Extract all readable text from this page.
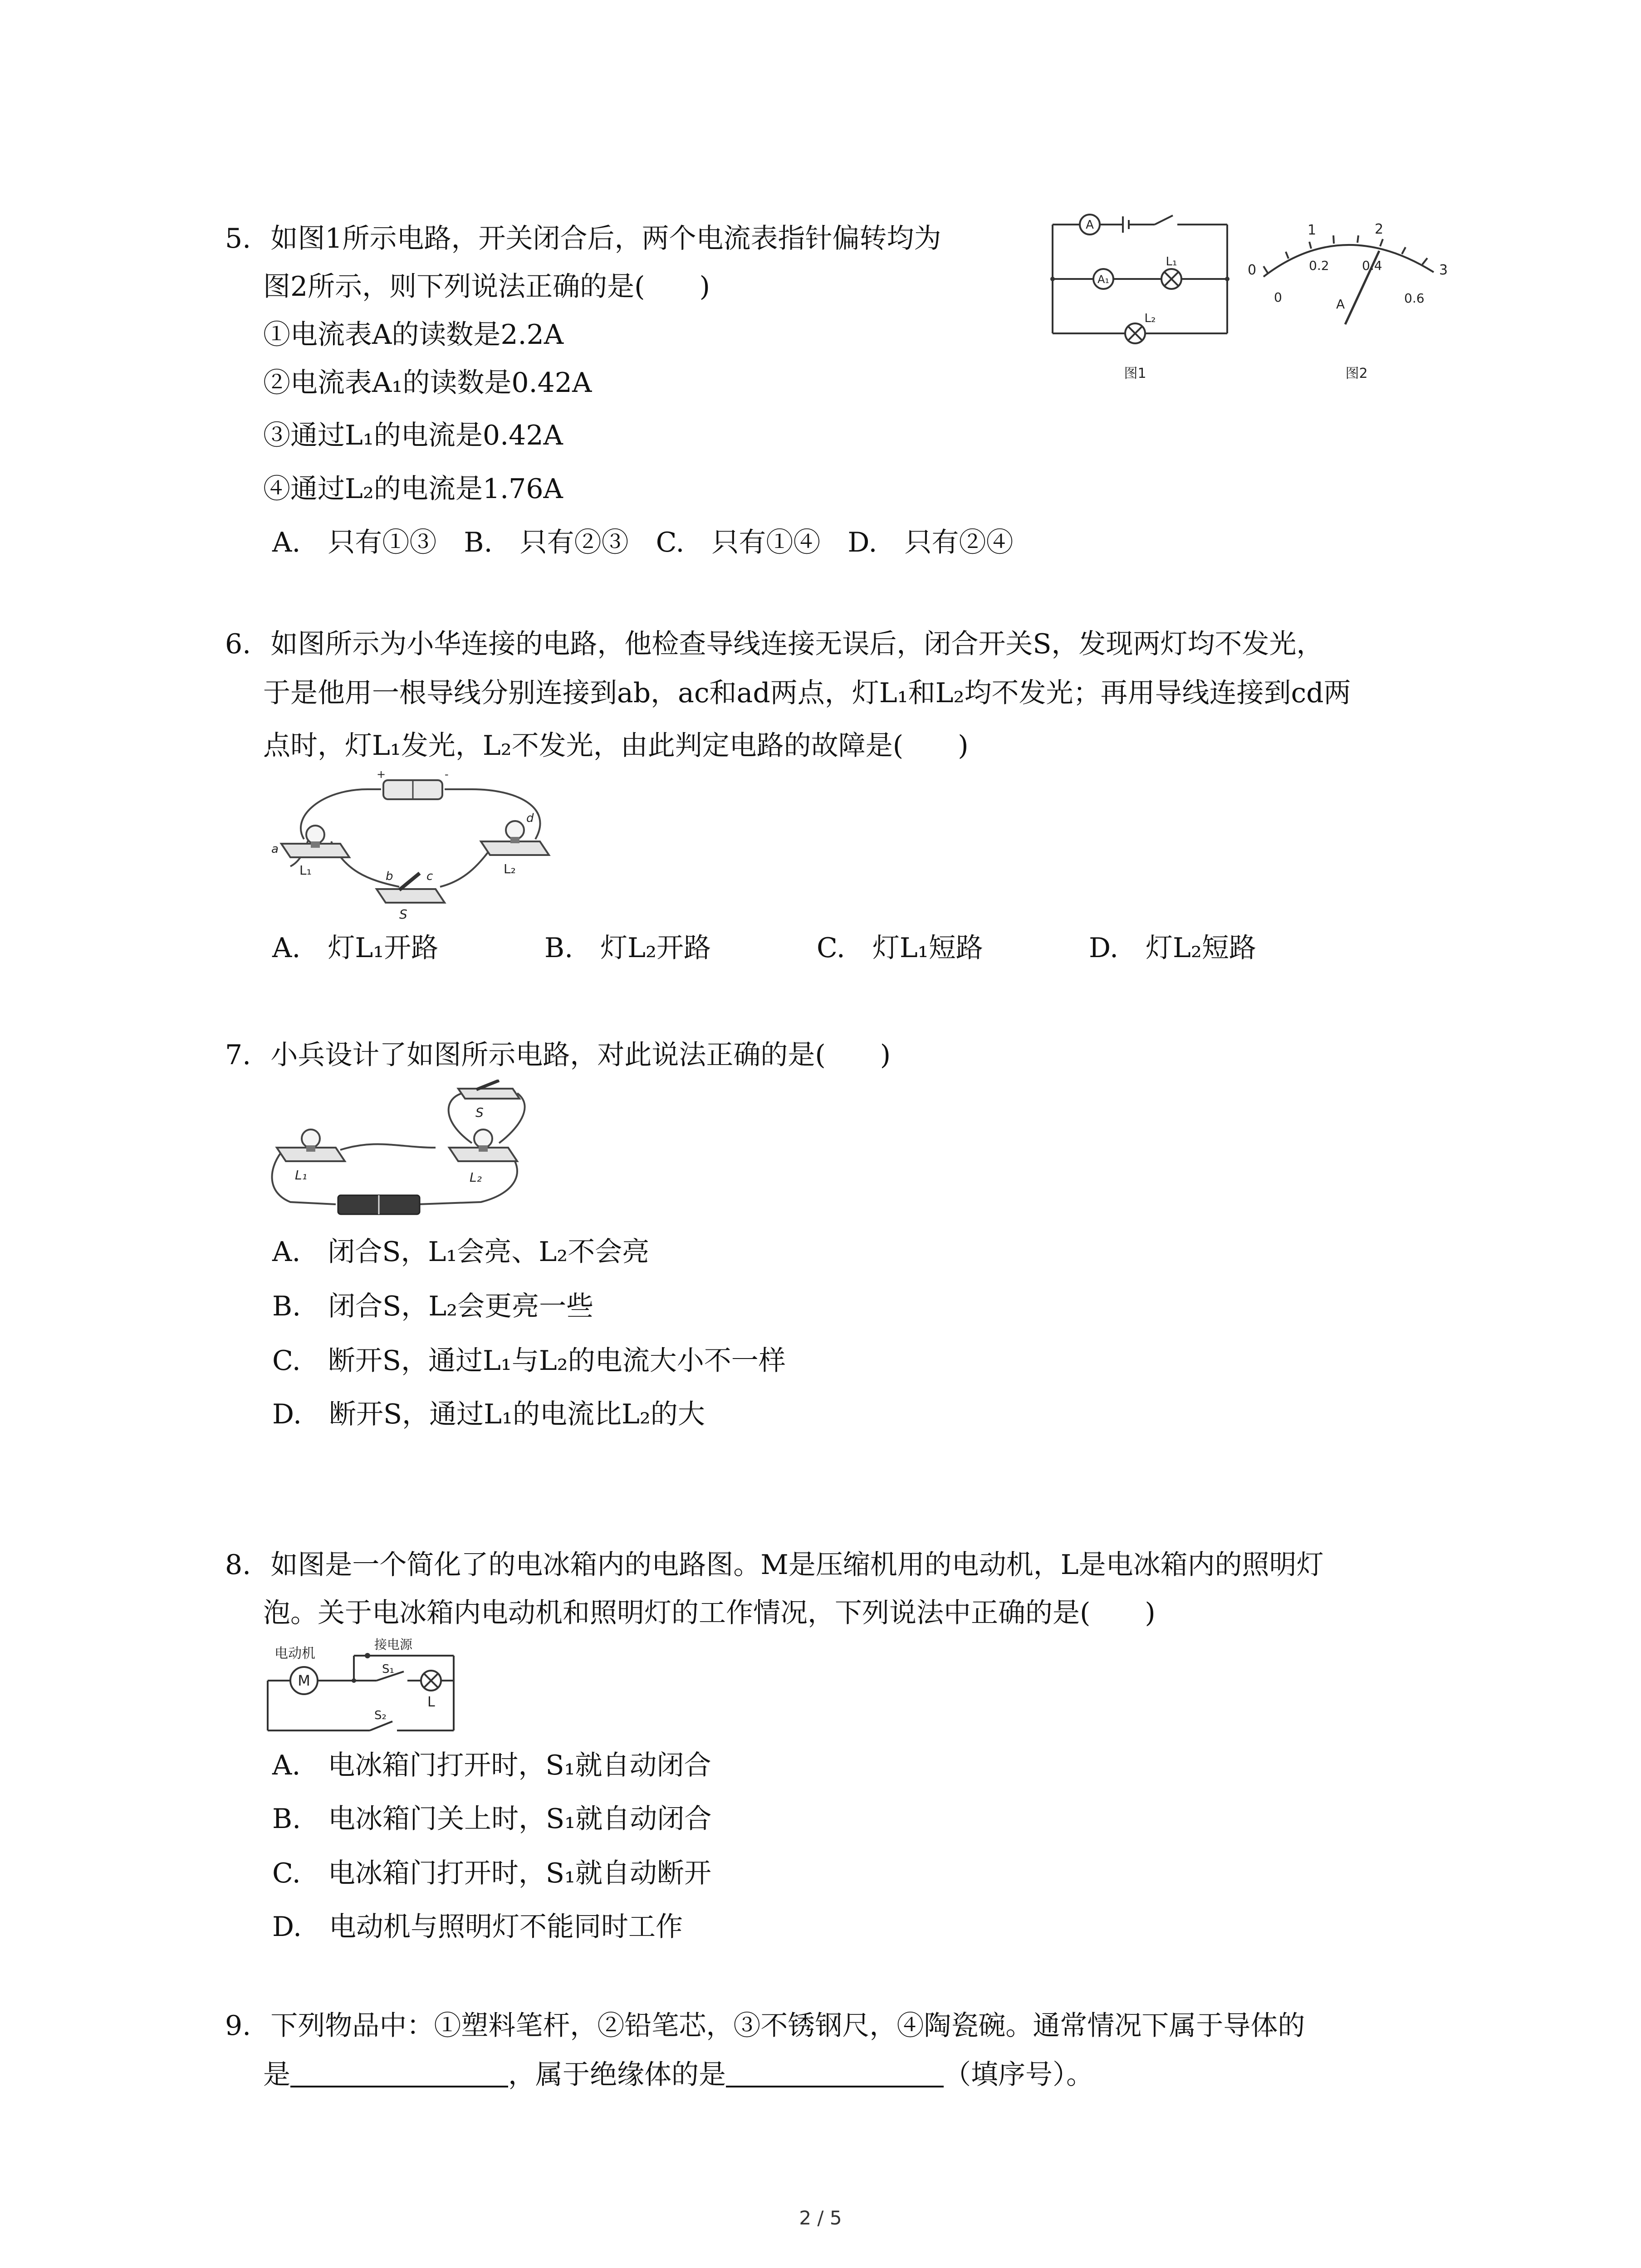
5. 如图1所示电路，开关闭合后，两个电流表指针偏转均为
图2所示，则下列说法正确的是(　　)
①电流表A的读数是2.2A
②电流表A₁的读数是0.42A
③通过L₁的电流是0.42A
④通过L₂的电流是1.76A
A.　只有①③　B.　只有②③　C.　只有①④　D.　只有②④
A
A₁
L₁
L₂
图1
0
1	2
3
0
0.2	0.4
0.6
A
图2
6. 如图所示为小华连接的电路，他检查导线连接无误后，闭合开关S，发现两灯均不发光，
于是他用一根导线分别连接到ab，ac和ad两点，灯L₁和L₂均不发光；再用导线连接到cd两
点时，灯L₁发光，L₂不发光，由此判定电路的故障是(　　)
+	-
a
L₁
d
L₂
b	c
S
A.　灯L₁开路	B.　灯L₂开路	C.　灯L₁短路	D.　灯L₂短路
7. 小兵设计了如图所示电路，对此说法正确的是(　　)
L₁	L₂
S
A.　闭合S，L₁会亮、L₂不会亮
B.　闭合S，L₂会更亮一些
C.　断开S，通过L₁与L₂的电流大小不一样
D.　断开S，通过L₁的电流比L₂的大
8. 如图是一个简化了的电冰箱内的电路图。M是压缩机用的电动机，L是电冰箱内的照明灯
泡。关于电冰箱内电动机和照明灯的工作情况，下列说法中正确的是(　　)
电动机
接电源
M
S₁
L
S₂
A.　电冰箱门打开时，S₁就自动闭合
B.　电冰箱门关上时，S₁就自动闭合
C.　电冰箱门打开时，S₁就自动断开
D.　电动机与照明灯不能同时工作
9. 下列物品中：①塑料笔杆，②铅笔芯，③不锈钢尺，④陶瓷碗。通常情况下属于导体的
是	，属于绝缘体的是	（填序号）。
2 / 5
